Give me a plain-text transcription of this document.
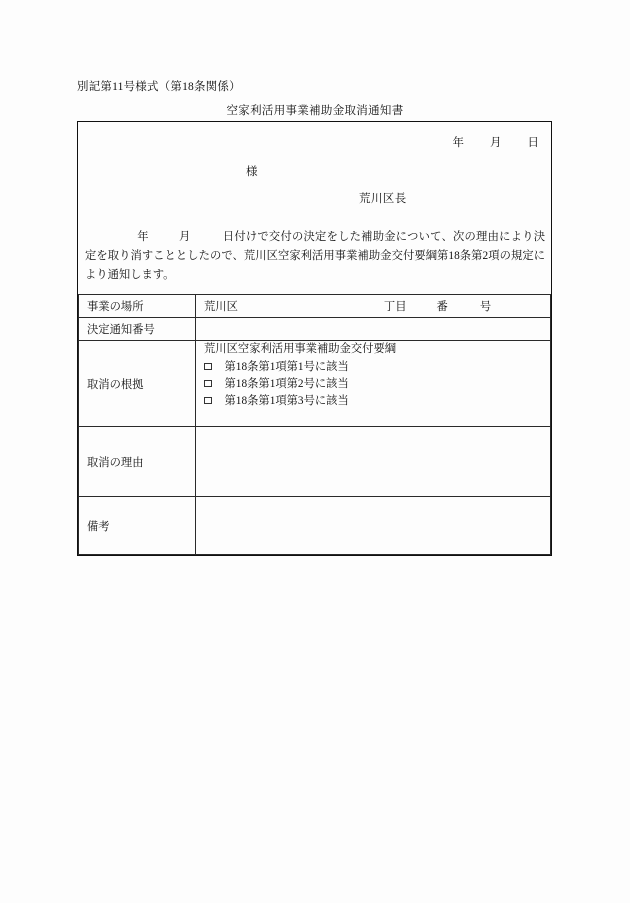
別記第11号様式（第18条関係）
空家利活用事業補助金取消通知書
年 月 日
様
荒川区長
年	月	日付けで交付の決定をした補助金について、次の理由により決定を取り消すこととしたので、荒川区空家利活用事業補助金交付要綱第18条第2項の規定により通知します。
事業の場所	荒川区 丁目 番 号
決定通知番号	
取消の根拠	荒川区空家利活用事業補助金交付要綱
第18条第1項第1号に該当
第18条第1項第2号に該当
第18条第1項第3号に該当

取消の理由	
備考	
